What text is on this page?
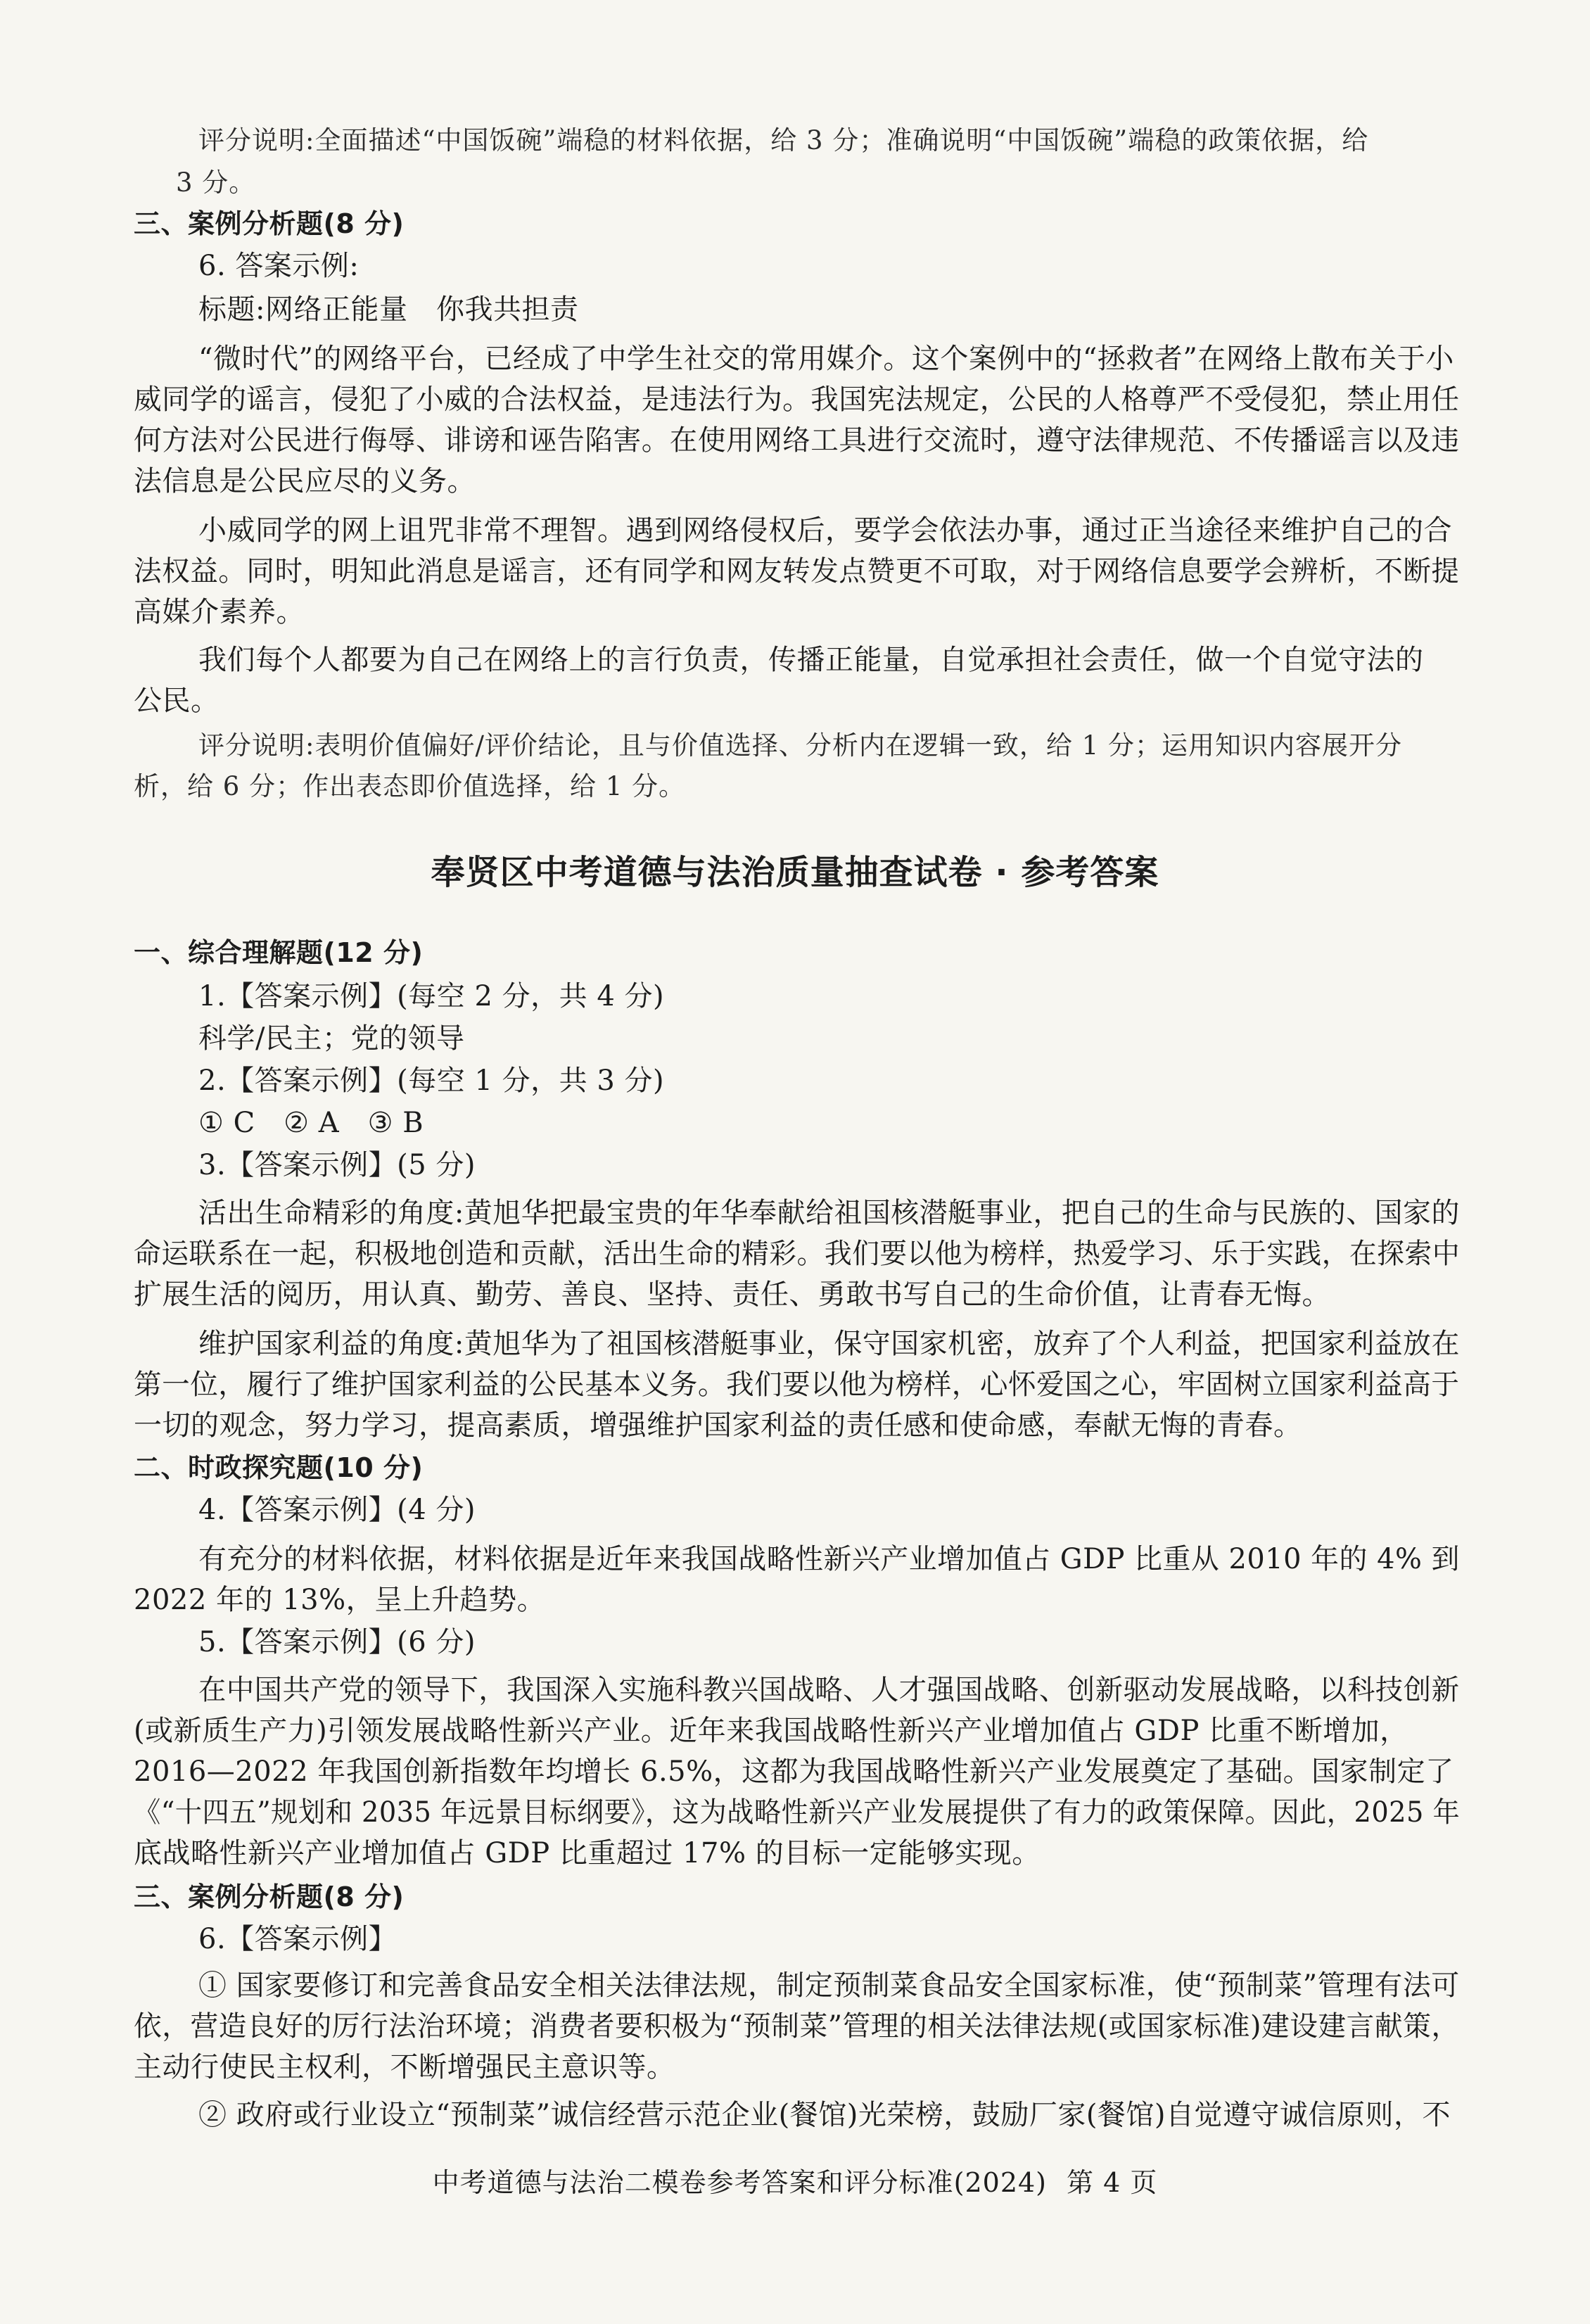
评分说明:全面描述“中国饭碗”端稳的材料依据，给 3 分；准确说明“中国饭碗”端稳的政策依据，给
3 分。
三、案例分析题(8 分)
6. 答案示例:
标题:网络正能量　你我共担责
“微时代”的网络平台，已经成了中学生社交的常用媒介。这个案例中的“拯救者”在网络上散布关于小
威同学的谣言，侵犯了小威的合法权益，是违法行为。我国宪法规定，公民的人格尊严不受侵犯，禁止用任
何方法对公民进行侮辱、诽谤和诬告陷害。在使用网络工具进行交流时，遵守法律规范、不传播谣言以及违
法信息是公民应尽的义务。
小威同学的网上诅咒非常不理智。遇到网络侵权后，要学会依法办事，通过正当途径来维护自己的合
法权益。同时，明知此消息是谣言，还有同学和网友转发点赞更不可取，对于网络信息要学会辨析，不断提
高媒介素养。
我们每个人都要为自己在网络上的言行负责，传播正能量，自觉承担社会责任，做一个自觉守法的
公民。
评分说明:表明价值偏好/评价结论，且与价值选择、分析内在逻辑一致，给 1 分；运用知识内容展开分
析，给 6 分；作出表态即价值选择，给 1 分。
奉贤区中考道德与法治质量抽查试卷 · 参考答案
一、综合理解题(12 分)
1.【答案示例】(每空 2 分，共 4 分)
科学/民主；党的领导
2.【答案示例】(每空 1 分，共 3 分)
① C　② A　③ B
3.【答案示例】(5 分)
活出生命精彩的角度:黄旭华把最宝贵的年华奉献给祖国核潜艇事业，把自己的生命与民族的、国家的
命运联系在一起，积极地创造和贡献，活出生命的精彩。我们要以他为榜样，热爱学习、乐于实践，在探索中
扩展生活的阅历，用认真、勤劳、善良、坚持、责任、勇敢书写自己的生命价值，让青春无悔。
维护国家利益的角度:黄旭华为了祖国核潜艇事业，保守国家机密，放弃了个人利益，把国家利益放在
第一位，履行了维护国家利益的公民基本义务。我们要以他为榜样，心怀爱国之心，牢固树立国家利益高于
一切的观念，努力学习，提高素质，增强维护国家利益的责任感和使命感，奉献无悔的青春。
二、时政探究题(10 分)
4.【答案示例】(4 分)
有充分的材料依据，材料依据是近年来我国战略性新兴产业增加值占 GDP 比重从 2010 年的 4% 到
2022 年的 13%，呈上升趋势。
5.【答案示例】(6 分)
在中国共产党的领导下，我国深入实施科教兴国战略、人才强国战略、创新驱动发展战略，以科技创新
(或新质生产力)引领发展战略性新兴产业。近年来我国战略性新兴产业增加值占 GDP 比重不断增加，
2016—2022 年我国创新指数年均增长 6.5%，这都为我国战略性新兴产业发展奠定了基础。国家制定了
《“十四五”规划和 2035 年远景目标纲要》，这为战略性新兴产业发展提供了有力的政策保障。因此，2025 年
底战略性新兴产业增加值占 GDP 比重超过 17% 的目标一定能够实现。
三、案例分析题(8 分)
6.【答案示例】
① 国家要修订和完善食品安全相关法律法规，制定预制菜食品安全国家标准，使“预制菜”管理有法可
依，营造良好的厉行法治环境；消费者要积极为“预制菜”管理的相关法律法规(或国家标准)建设建言献策，
主动行使民主权利，不断增强民主意识等。
② 政府或行业设立“预制菜”诚信经营示范企业(餐馆)光荣榜，鼓励厂家(餐馆)自觉遵守诚信原则，不
中考道德与法治二模卷参考答案和评分标准(2024) 第 4 页
